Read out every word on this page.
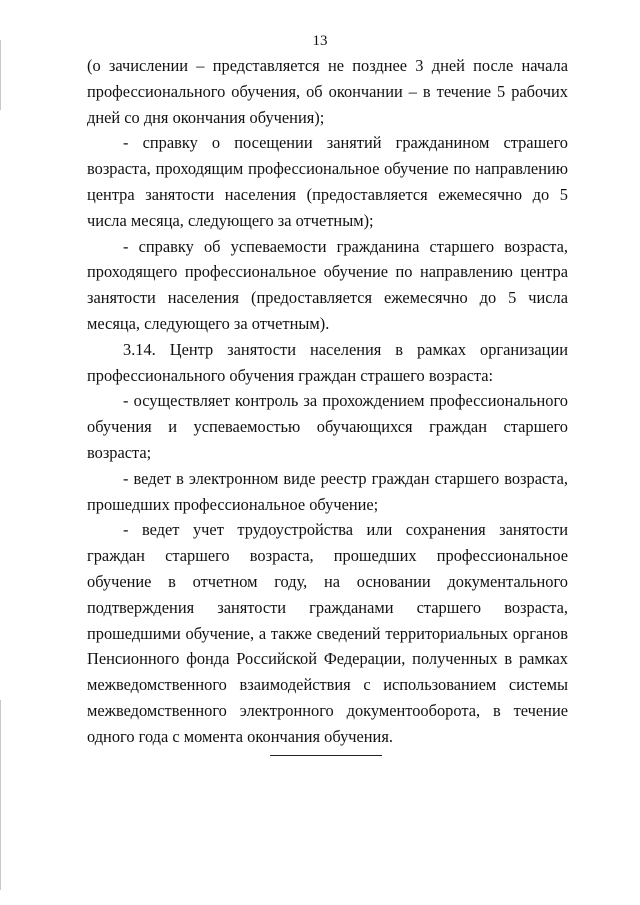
13

(о зачислении – представляется не позднее 3 дней после начала профессионального обучения, об окончании – в течение 5 рабочих дней со дня окончания обучения);

- справку о посещении занятий гражданином страшего возраста, проходящим профессиональное обучение по направлению центра занятости населения (предоставляется ежемесячно до 5 числа месяца, следующего за отчетным);

- справку об успеваемости гражданина старшего возраста, проходящего профессиональное обучение по направлению центра занятости населения (предоставляется ежемесячно до 5 числа месяца, следующего за отчетным).

3.14. Центр занятости населения в рамках организации профессионального обучения граждан страшего возраста:

- осуществляет контроль за прохождением профессионального обучения и успеваемостью обучающихся граждан старшего возраста;

- ведет в электронном виде реестр граждан старшего возраста, прошедших профессиональное обучение;

- ведет учет трудоустройства или сохранения занятости граждан старшего возраста, прошедших профессиональное обучение в отчетном году, на основании документального подтверждения занятости гражданами старшего возраста, прошедшими обучение, а также сведений территориальных органов Пенсионного фонда Российской Федерации, полученных в рамках межведомственного взаимодействия с использованием системы межведомственного электронного документооборота, в течение одного года с момента окончания обучения.
